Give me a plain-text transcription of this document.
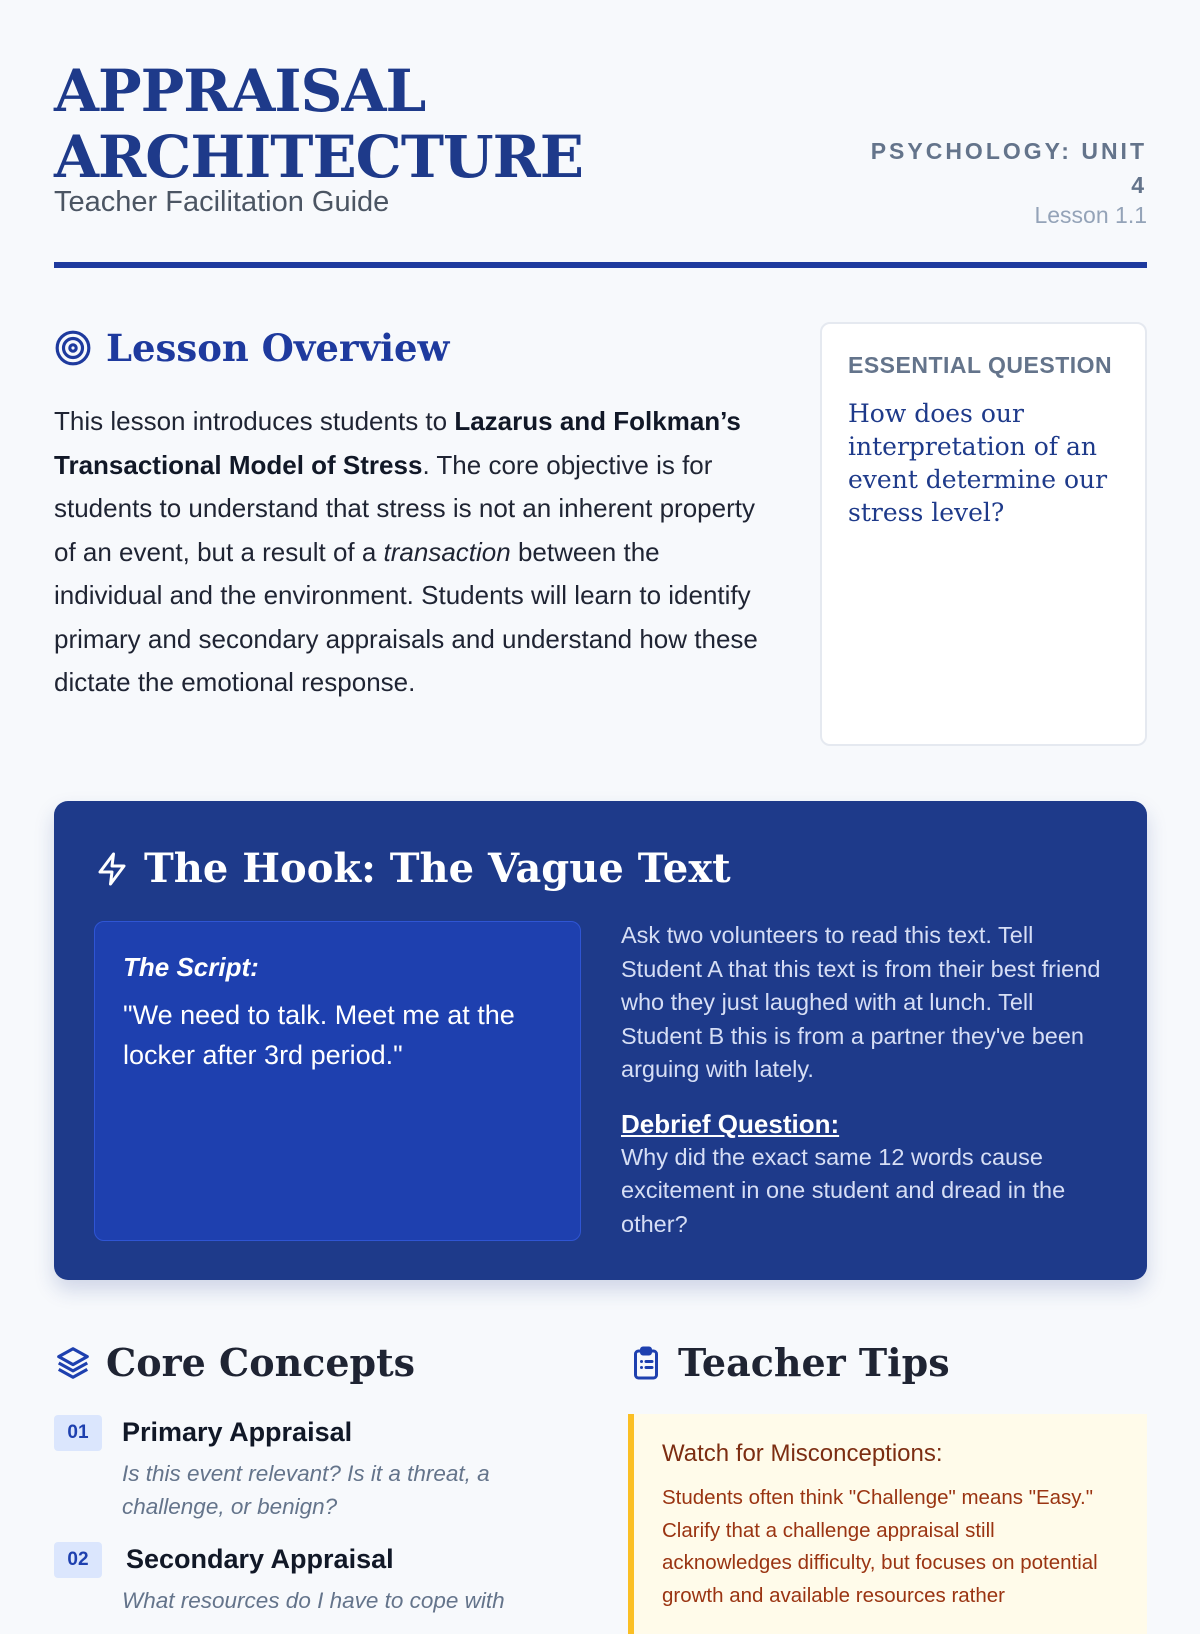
APPRAISAL ARCHITECTURE
Teacher Facilitation Guide
PSYCHOLOGY: UNIT 4
Lesson 1.1
Lesson Overview

This lesson introduces students to Lazarus and Folkman’s Transactional Model of Stress. The core objective is for students to understand that stress is not an inherent property of an event, but a result of a transaction between the individual and the environment. Students will learn to identify primary and secondary appraisals and understand how these dictate the emotional response.

ESSENTIAL QUESTION
How does our interpretation of an event determine our stress level?
The Hook: The Vague Text
The Script:
"We need to talk. Meet me at the locker after 3rd period."
Ask two volunteers to read this text. Tell Student A that this text is from their best friend who they just laughed with at lunch. Tell Student B this is from a partner they've been arguing with lately.
Debrief Question:
Why did the exact same 12 words cause excitement in one student and dread in the other?
Core Concepts
01	Primary Appraisal
Is this event relevant? Is it a threat, a challenge, or benign?
02	Secondary Appraisal
What resources do I have to cope with
Teacher Tips
Watch for Misconceptions:
Students often think "Challenge" means "Easy." Clarify that a challenge appraisal still acknowledges difficulty, but focuses on potential growth and available resources rather
